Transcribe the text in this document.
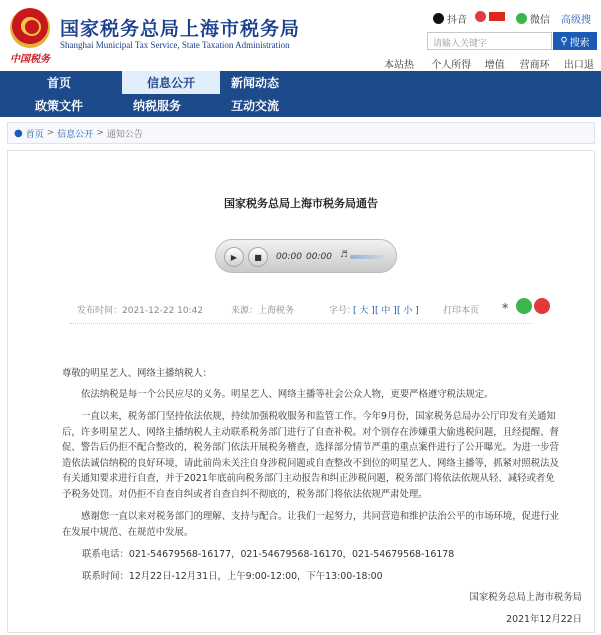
中国税务
国家税务总局上海市税务局
Shanghai Municipal Tax Service, State Taxation Administration
抖音	微信 高级搜
请输入关键字	⚲ 搜索
本站热	个人所得	增值	营商环	出口退
首页	信息公开	新闻动态
政策文件	纳税服务	互动交流
● 首页 > 信息公开 > 通知公告
国家税务总局上海市税务局通告
▶	■	00:00 00:00 ♬
发布时间：2021-12-22 10:42	来源：上海税务	字号：
[ 大 ] [ 中 ] [ 小 ]	打印本页 ∗
尊敬的明星艺人、网络主播纳税人：
依法纳税是每一个公民应尽的义务。明星艺人、网络主播等社会公众人物，更要严格遵守税法规定。
一直以来，税务部门坚持依法依规，持续加强税收服务和监管工作。今年9月份，国家税务总局办公厅印发有关通知后，许多明星艺人、网络主播纳税人主动联系税务部门进行了自查补税。对个别存在涉嫌重大偷逃税问题，且经提醒、督促、警告后仍拒不配合整改的，税务部门依法开展税务稽查，选择部分情节严重的重点案件进行了公开曝光。为进一步营造依法诚信纳税的良好环境，请此前尚未关注自身涉税问题或自查整改不到位的明星艺人、网络主播等，抓紧对照税法及有关通知要求进行自查，并于2021年底前向税务部门主动报告和纠正涉税问题，税务部门将依法依规从轻、减轻或者免予税务处罚。对仍拒不自查自纠或者自查自纠不彻底的，税务部门将依法依规严肃处理。
感谢您一直以来对税务部门的理解、支持与配合。让我们一起努力，共同营造和维护法治公平的市场环境，促进行业在发展中规范、在规范中发展。
联系电话：021-54679568-16177，021-54679568-16170，021-54679568-16178
联系时间：12月22日-12月31日，上午9:00-12:00，下午13:00-18:00
国家税务总局上海市税务局
2021年12月22日
